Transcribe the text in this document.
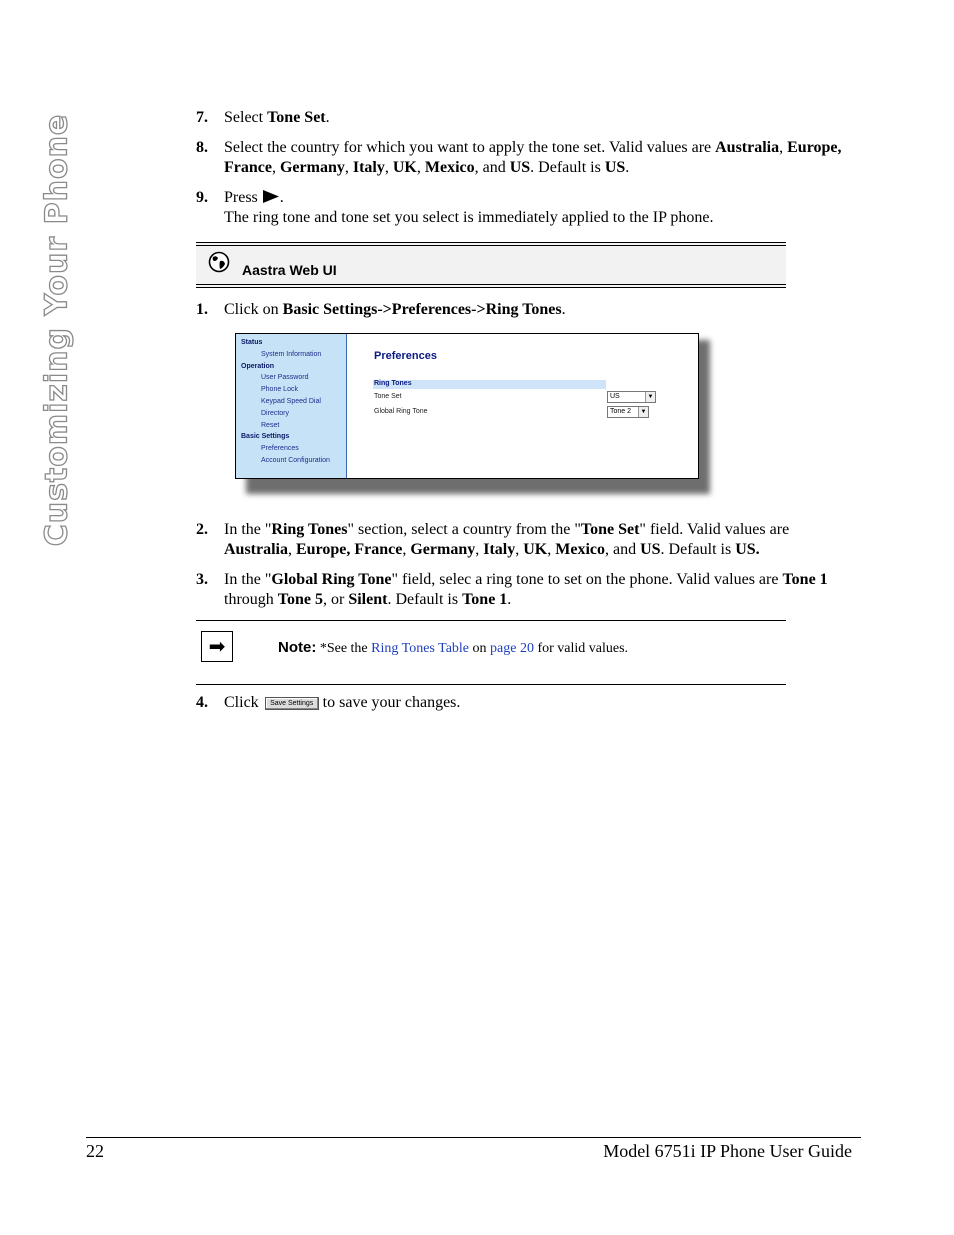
Customizing Your Phone	7. Select Tone Set.
8. Select the country for which you want to apply the tone set. Valid values are Australia, Europe, France, Germany, Italy, UK, Mexico, and US. Default is US.
9. Press .
The ring tone and tone set you select is immediately applied to the IP phone.
Aastra Web UI
1. Click on Basic Settings->Preferences->Ring Tones.
Status
System Information
Operation
User Password
Phone Lock
Keypad Speed Dial
Directory
Reset
Basic Settings
Preferences
Account Configuration
Preferences
Ring Tones
Tone Set	US	▼
Global Ring Tone	Tone 2	▼
2. In the "Ring Tones" section, select a country from the "Tone Set" field. Valid values are Australia, Europe, France, Germany, Italy, UK, Mexico, and US. Default is US.
3. In the "Global Ring Tone" field, selec a ring tone to set on the phone. Valid values are Tone 1 through Tone 5, or Silent. Default is Tone 1.
➡	Note: *See the Ring Tones Table on page 20 for valid values.
4. Click Save Settings to save your changes.
22	Model 6751i IP Phone User Guide
